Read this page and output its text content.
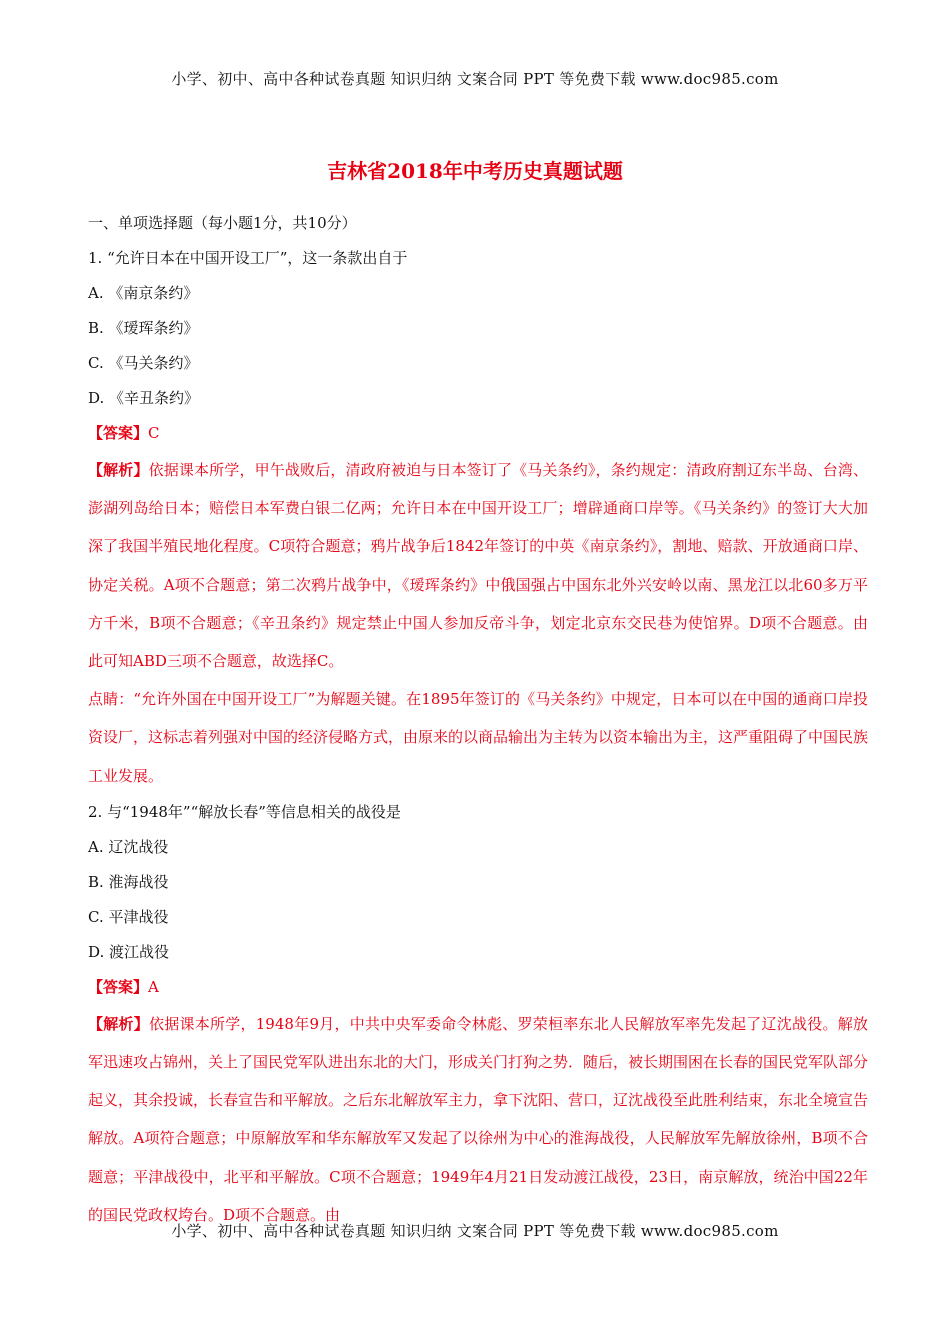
小学、初中、高中各种试卷真题 知识归纳 文案合同 PPT 等免费下载 www.doc985.com
吉林省2018年中考历史真题试题
一、单项选择题（每小题1分，共10分）
1. “允许日本在中国开设工厂”，这一条款出自于
A. 《南京条约》
B. 《瑷珲条约》
C. 《马关条约》
D. 《辛丑条约》
【答案】C
【解析】依据课本所学，甲午战败后，清政府被迫与日本签订了《马关条约》，条约规定：清政府割辽东半岛、台湾、澎湖列岛给日本；赔偿日本军费白银二亿两；允许日本在中国开设工厂；增辟通商口岸等。《马关条约》的签订大大加深了我国半殖民地化程度。C项符合题意；鸦片战争后1842年签订的中英《南京条约》，割地、赔款、开放通商口岸、协定关税。A项不合题意；第二次鸦片战争中，《瑷珲条约》中俄国强占中国东北外兴安岭以南、黑龙江以北60多万平方千米，B项不合题意；《辛丑条约》规定禁止中国人参加反帝斗争，划定北京东交民巷为使馆界。D项不合题意。由此可知ABD三项不合题意，故选择C。
点睛：“允许外国在中国开设工厂”为解题关键。在1895年签订的《马关条约》中规定，日本可以在中国的通商口岸投资设厂，这标志着列强对中国的经济侵略方式，由原来的以商品输出为主转为以资本输出为主，这严重阻碍了中国民族工业发展。
2. 与“1948年”“解放长春”等信息相关的战役是
A. 辽沈战役
B. 淮海战役
C. 平津战役
D. 渡江战役
【答案】A
【解析】依据课本所学，1948年9月，中共中央军委命令林彪、罗荣桓率东北人民解放军率先发起了辽沈战役。解放军迅速攻占锦州，关上了国民党军队进出东北的大门，形成关门打狗之势．随后，被长期围困在长春的国民党军队部分起义，其余投诚，长春宣告和平解放。之后东北解放军主力，拿下沈阳、营口，辽沈战役至此胜利结束，东北全境宣告解放。A项符合题意；中原解放军和华东解放军又发起了以徐州为中心的淮海战役，人民解放军先解放徐州，B项不合题意；平津战役中，北平和平解放。C项不合题意；1949年4月21日发动渡江战役，23日，南京解放，统治中国22年的国民党政权垮台。D项不合题意。由
小学、初中、高中各种试卷真题 知识归纳 文案合同 PPT 等免费下载 www.doc985.com
